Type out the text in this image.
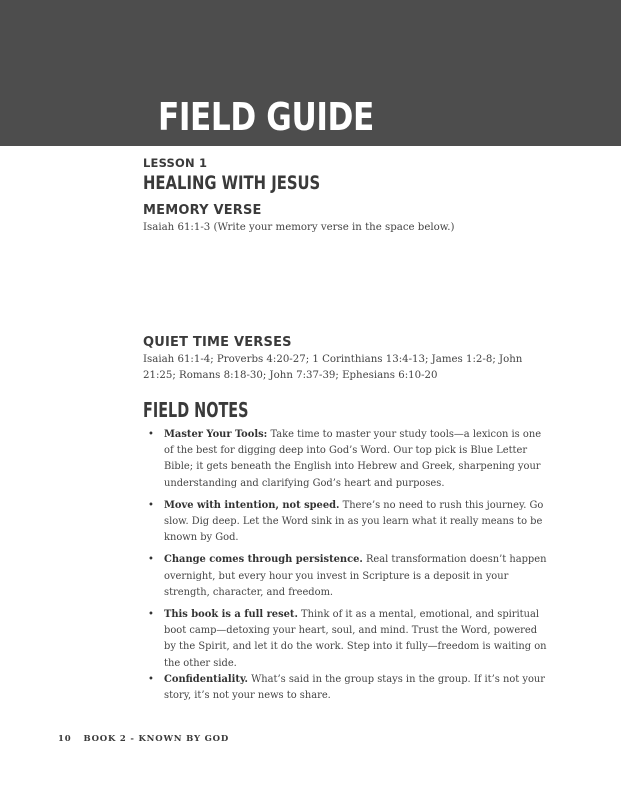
FIELD GUIDE
LESSON 1
HEALING WITH JESUS
MEMORY VERSE
Isaiah 61:1-3 (Write your memory verse in the space below.)
QUIET TIME VERSES
Isaiah 61:1-4; Proverbs 4:20-27; 1 Corinthians 13:4-13; James 1:2-8; John 21:25; Romans 8:18-30; John 7:37-39; Ephesians 6:10-20
FIELD NOTES
• Master Your Tools: Take time to master your study tools—a lexicon is one of the best for digging deep into God’s Word. Our top pick is Blue Letter Bible; it gets beneath the English into Hebrew and Greek, sharpening your understanding and clarifying God’s heart and purposes.
• Move with intention, not speed. There’s no need to rush this journey. Go slow. Dig deep. Let the Word sink in as you learn what it really means to be known by God.
• Change comes through persistence. Real transformation doesn’t happen overnight, but every hour you invest in Scripture is a deposit in your strength, character, and freedom.
• This book is a full reset. Think of it as a mental, emotional, and spiritual boot camp—detoxing your heart, soul, and mind. Trust the Word, powered by the Spirit, and let it do the work. Step into it fully—freedom is waiting on the other side.
• Confidentiality. What’s said in the group stays in the group. If it’s not your story, it’s not your news to share.
10 BOOK 2 - KNOWN BY GOD
